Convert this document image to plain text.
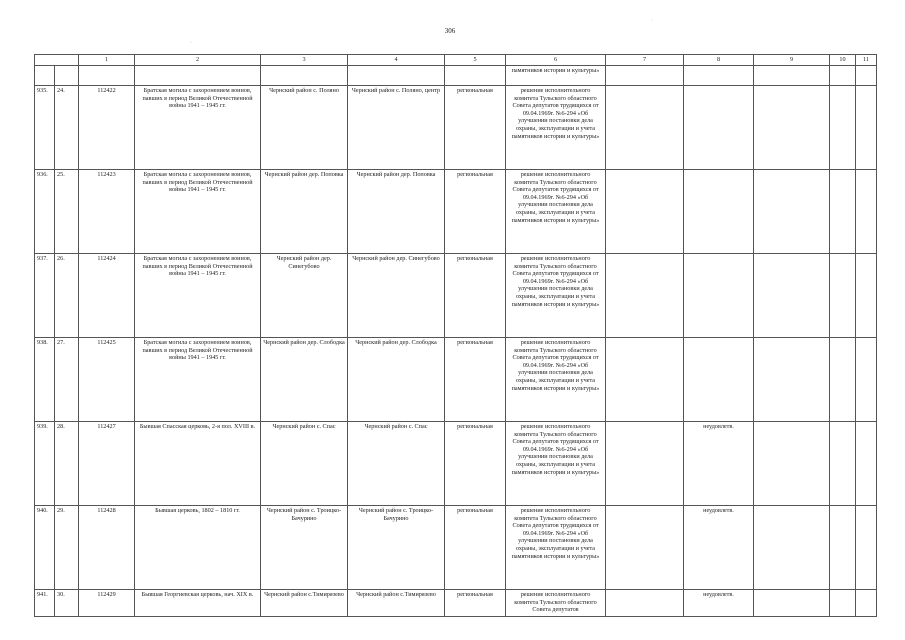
306
		1	2	3	4	5	6	7	8	9	10	11
							памятников истории и культуры»					
935.	24.	112422	Братская могила с захоронением воинов, павших в период Великой Отечественной войны 1941 – 1945 гг.	Чернский район с. Поляно	Чернский район с. Поляно, центр	региональная	решение исполнительного комитета Тульского областного Совета депутатов трудящихся от 09.04.1969г. №6-294 «Об улучшении постановки дела охраны, эксплуатации и учета памятников истории и культуры»					
936.	25.	112423	Братская могила с захоронением воинов, павших в период Великой Отечественной войны 1941 – 1945 гг.	Чернский район дер. Поповка	Чернский район дер. Поповка	региональная	решение исполнительного комитета Тульского областного Совета депутатов трудящихся от 09.04.1969г. №6-294 «Об улучшении постановки дела охраны, эксплуатации и учета памятников истории и культуры»					
937.	26.	112424	Братская могила с захоронением воинов, павших в период Великой Отечественной войны 1941 – 1945 гг.	Чернский район дер. Синегубово	Чернский район дер. Синегубово	региональная	решение исполнительного комитета Тульского областного Совета депутатов трудящихся от 09.04.1969г. №6-294 «Об улучшении постановки дела охраны, эксплуатации и учета памятников истории и культуры»					
938.	27.	112425	Братская могила с захоронением воинов, павших в период Великой Отечественной войны 1941 – 1945 гг.	Чернский район дер. Слободка	Чернский район дер. Слободка	региональная	решение исполнительного комитета Тульского областного Совета депутатов трудящихся от 09.04.1969г. №6-294 «Об улучшении постановки дела охраны, эксплуатации и учета памятников истории и культуры»					
939.	28.	112427	Бывшая Спасская церковь, 2-я пол. XVIII в.	Чернский район с. Спас	Чернский район с. Спас	региональная	решение исполнительного комитета Тульского областного Совета депутатов трудящихся от 09.04.1969г. №6-294 «Об улучшении постановки дела охраны, эксплуатации и учета памятников истории и культуры»		неудовлетв.			
940.	29.	112428	Бывшая церковь, 1802 – 1810 гг.	Чернский район с. Троицко-Бачурино	Чернский район с. Троицко-Бачурино	региональная	решение исполнительного комитета Тульского областного Совета депутатов трудящихся от 09.04.1969г. №6-294 «Об улучшении постановки дела охраны, эксплуатации и учета памятников истории и культуры»		неудовлетв.			
941.	30.	112429	Бывшая Георгиевская церковь, нач. XIX в.	Чернский район с.Тимирязево	Чернский район с.Тимирязево	региональная	решение исполнительного комитета Тульского областного Совета депутатов		неудовлетв.			
·
·
